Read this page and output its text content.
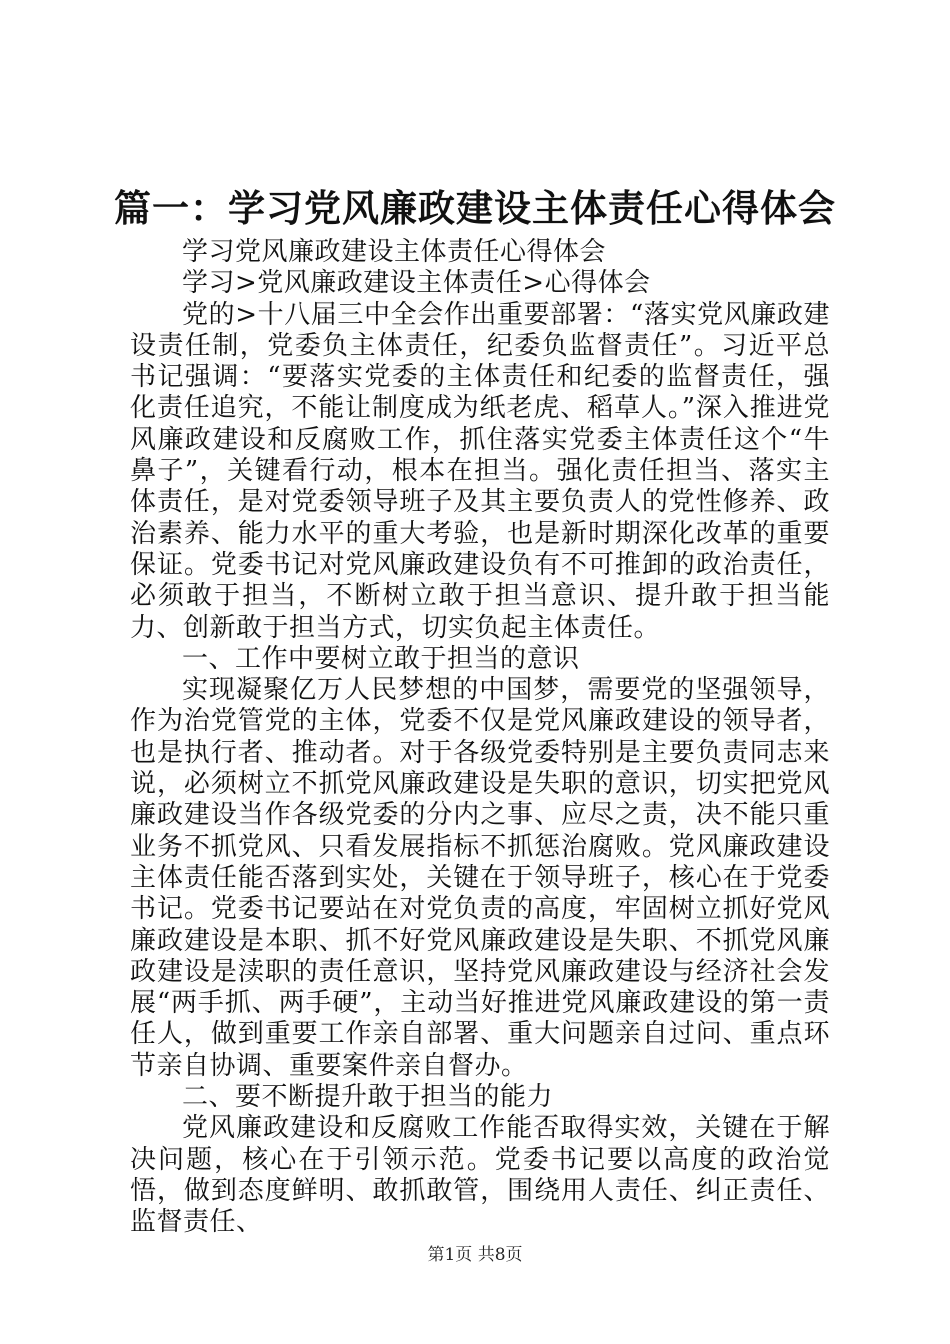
篇一：学习党风廉政建设主体责任心得体会

学习党风廉政建设主体责任心得体会

学习>党风廉政建设主体责任>心得体会

党的>十八届三中全会作出重要部署：“落实党风廉政建设责任制，党委负主体责任，纪委负监督责任”。习近平总书记强调：“要落实党委的主体责任和纪委的监督责任，强化责任追究，不能让制度成为纸老虎、稻草人。”深入推进党风廉政建设和反腐败工作，抓住落实党委主体责任这个“牛鼻子”，关键看行动，根本在担当。强化责任担当、落实主体责任，是对党委领导班子及其主要负责人的党性修养、政治素养、能力水平的重大考验，也是新时期深化改革的重要保证。党委书记对党风廉政建设负有不可推卸的政治责任，必须敢于担当，不断树立敢于担当意识、提升敢于担当能力、创新敢于担当方式，切实负起主体责任。

一、工作中要树立敢于担当的意识

实现凝聚亿万人民梦想的中国梦，需要党的坚强领导，作为治党管党的主体，党委不仅是党风廉政建设的领导者，也是执行者、推动者。对于各级党委特别是主要负责同志来说，必须树立不抓党风廉政建设是失职的意识，切实把党风廉政建设当作各级党委的分内之事、应尽之责，决不能只重业务不抓党风、只看发展指标不抓惩治腐败。党风廉政建设主体责任能否落到实处，关键在于领导班子，核心在于党委书记。党委书记要站在对党负责的高度，牢固树立抓好党风廉政建设是本职、抓不好党风廉政建设是失职、不抓党风廉政建设是渎职的责任意识，坚持党风廉政建设与经济社会发展“两手抓、两手硬”，主动当好推进党风廉政建设的第一责任人，做到重要工作亲自部署、重大问题亲自过问、重点环节亲自协调、重要案件亲自督办。

二、要不断提升敢于担当的能力

党风廉政建设和反腐败工作能否取得实效，关键在于解决问题，核心在于引领示范。党委书记要以高度的政治觉悟，做到态度鲜明、敢抓敢管，围绕用人责任、纠正责任、监督责任、

第1页 共8页
